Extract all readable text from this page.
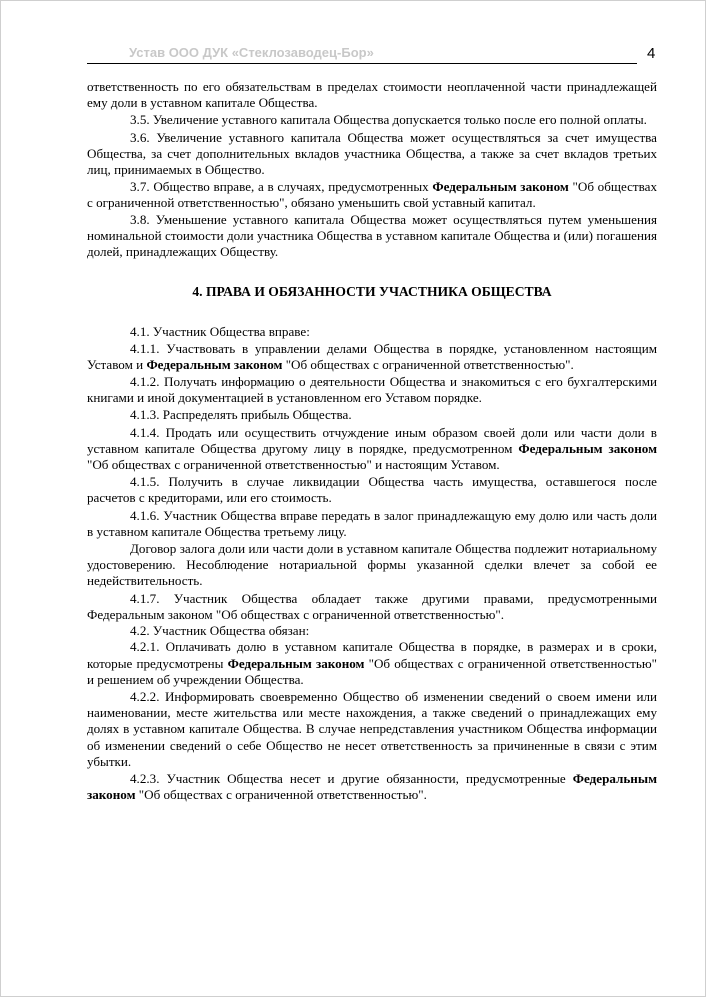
Устав ООО ДУК «Стеклозаводец-Бор»	4

ответственность по его обязательствам в пределах стоимости неоплаченной части принадлежащей ему доли в уставном капитале Общества.

3.5. Увеличение уставного капитала Общества допускается только после его полной оплаты.

3.6. Увеличение уставного капитала Общества может осуществляться за счет имущества Общества, за счет дополнительных вкладов участника Общества, а также за счет вкладов третьих лиц, принимаемых в Общество.

3.7. Общество вправе, а в случаях, предусмотренных Федеральным законом "Об обществах с ограниченной ответственностью", обязано уменьшить свой уставный капитал.

3.8. Уменьшение уставного капитала Общества может осуществляться путем уменьшения номинальной стоимости доли участника Общества в уставном капитале Общества и (или) погашения долей, принадлежащих Обществу.

4. ПРАВА И ОБЯЗАННОСТИ УЧАСТНИКА ОБЩЕСТВА

4.1. Участник Общества вправе:

4.1.1. Участвовать в управлении делами Общества в порядке, установленном настоящим Уставом и Федеральным законом "Об обществах с ограниченной ответственностью".

4.1.2. Получать информацию о деятельности Общества и знакомиться с его бухгалтерскими книгами и иной документацией в установленном его Уставом порядке.

4.1.3. Распределять прибыль Общества.

4.1.4. Продать или осуществить отчуждение иным образом своей доли или части доли в уставном капитале Общества другому лицу в порядке, предусмотренном Федеральным законом "Об обществах с ограниченной ответственностью" и настоящим Уставом.

4.1.5. Получить в случае ликвидации Общества часть имущества, оставшегося после расчетов с кредиторами, или его стоимость.

4.1.6. Участник Общества вправе передать в залог принадлежащую ему долю или часть доли в уставном капитале Общества третьему лицу.

Договор залога доли или части доли в уставном капитале Общества подлежит нотариальному удостоверению. Несоблюдение нотариальной формы указанной сделки влечет за собой ее недействительность.

4.1.7. Участник Общества обладает также другими правами, предусмотренными Федеральным законом "Об обществах с ограниченной ответственностью".

4.2. Участник Общества обязан:

4.2.1. Оплачивать долю в уставном капитале Общества в порядке, в размерах и в сроки, которые предусмотрены Федеральным законом "Об обществах с ограниченной ответственностью" и решением об учреждении Общества.

4.2.2. Информировать своевременно Общество об изменении сведений о своем имени или наименовании, месте жительства или месте нахождения, а также сведений о принадлежащих ему долях в уставном капитале Общества. В случае непредставления участником Общества информации об изменении сведений о себе Общество не несет ответственность за причиненные в связи с этим убытки.

4.2.3. Участник Общества несет и другие обязанности, предусмотренные Федеральным законом "Об обществах с ограниченной ответственностью".
